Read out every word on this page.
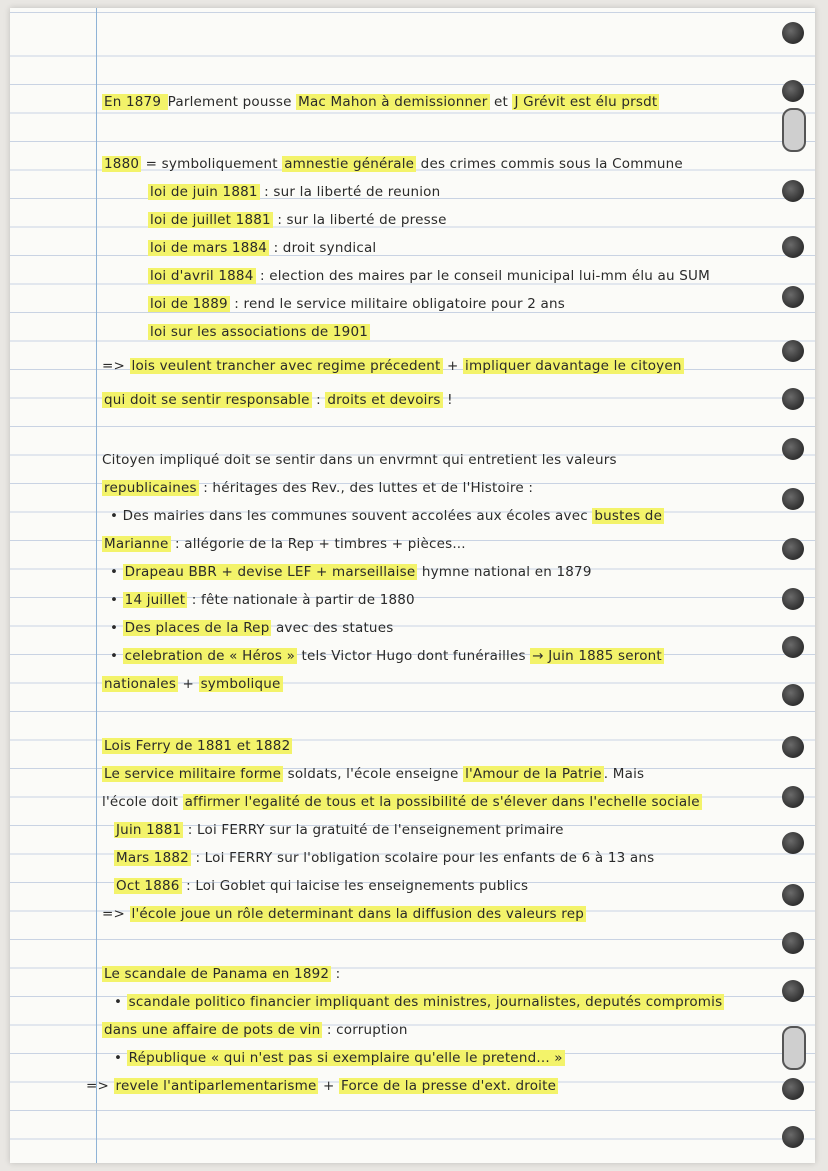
En 1879 Parlement pousse Mac Mahon à demissionner et J Grévit est élu prsdt
1880 = symboliquement amnestie générale des crimes commis sous la Commune
loi de juin 1881 : sur la liberté de reunion
loi de juillet 1881 : sur la liberté de presse
loi de mars 1884 : droit syndical
loi d'avril 1884 : election des maires par le conseil municipal lui-mm élu au SUM
loi de 1889 : rend le service militaire obligatoire pour 2 ans
loi sur les associations de 1901
=> lois veulent trancher avec regime précedent + impliquer davantage le citoyen
qui doit se sentir responsable : droits et devoirs !
Citoyen impliqué doit se sentir dans un envrmnt qui entretient les valeurs
republicaines : héritages des Rev., des luttes et de l'Histoire :
• Des mairies dans les communes souvent accolées aux écoles avec bustes de
Marianne : allégorie de la Rep + timbres + pièces...
• Drapeau BBR + devise LEF + marseillaise hymne national en 1879
• 14 juillet : fête nationale à partir de 1880
• Des places de la Rep avec des statues
• celebration de « Héros » tels Victor Hugo dont funérailles → Juin 1885 seront
nationales + symbolique
Lois Ferry de 1881 et 1882
Le service militaire forme soldats, l'école enseigne l'Amour de la Patrie . Mais
l'école doit affirmer l'egalité de tous et la possibilité de s'élever dans l'echelle sociale
Juin 1881 : Loi FERRY sur la gratuité de l'enseignement primaire
Mars 1882 : Loi FERRY sur l'obligation scolaire pour les enfants de 6 à 13 ans
Oct 1886 : Loi Goblet qui laicise les enseignements publics
=> l'école joue un rôle determinant dans la diffusion des valeurs rep
Le scandale de Panama en 1892 :
• scandale politico financier impliquant des ministres, journalistes, deputés compromis
dans une affaire de pots de vin : corruption
• République « qui n'est pas si exemplaire qu'elle le pretend... »
=> revele l'antiparlementarisme + Force de la presse d'ext. droite
